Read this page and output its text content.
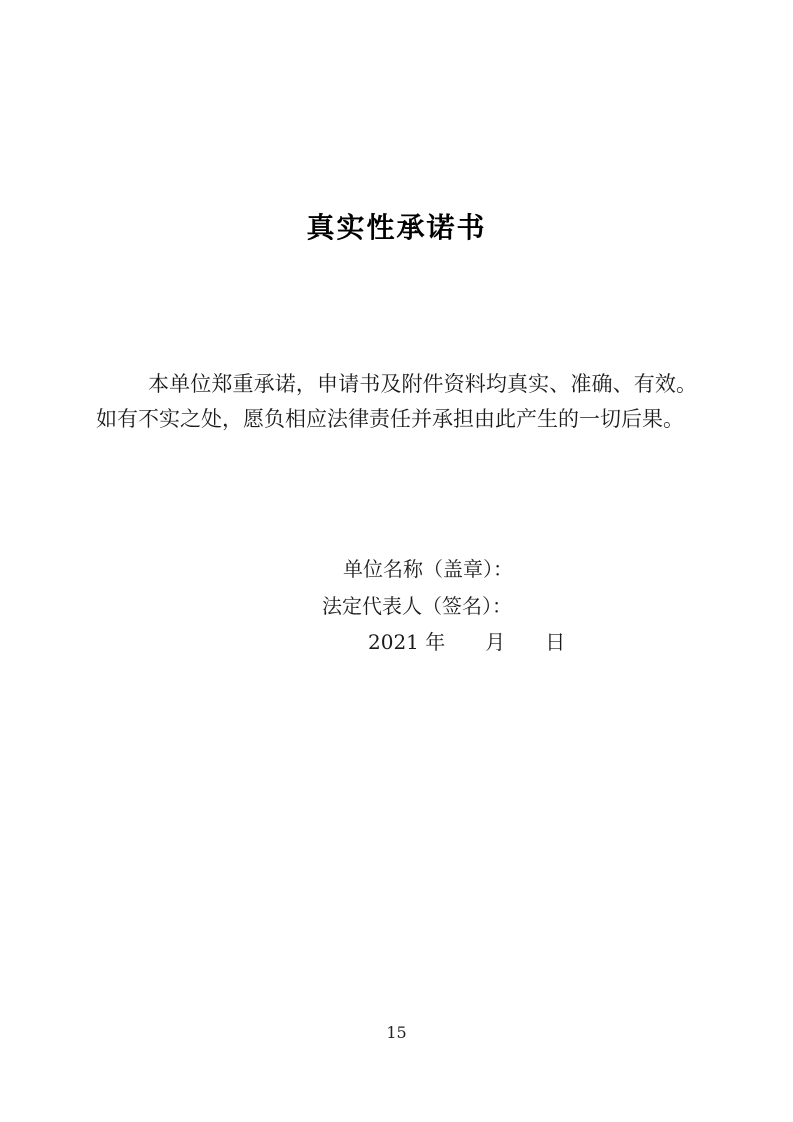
真实性承诺书

本单位郑重承诺，申请书及附件资料均真实、准确、有效。如有不实之处，愿负相应法律责任并承担由此产生的一切后果。

单位名称（盖章）：

法定代表人（签名）：

2021 年　　月　　日

15
